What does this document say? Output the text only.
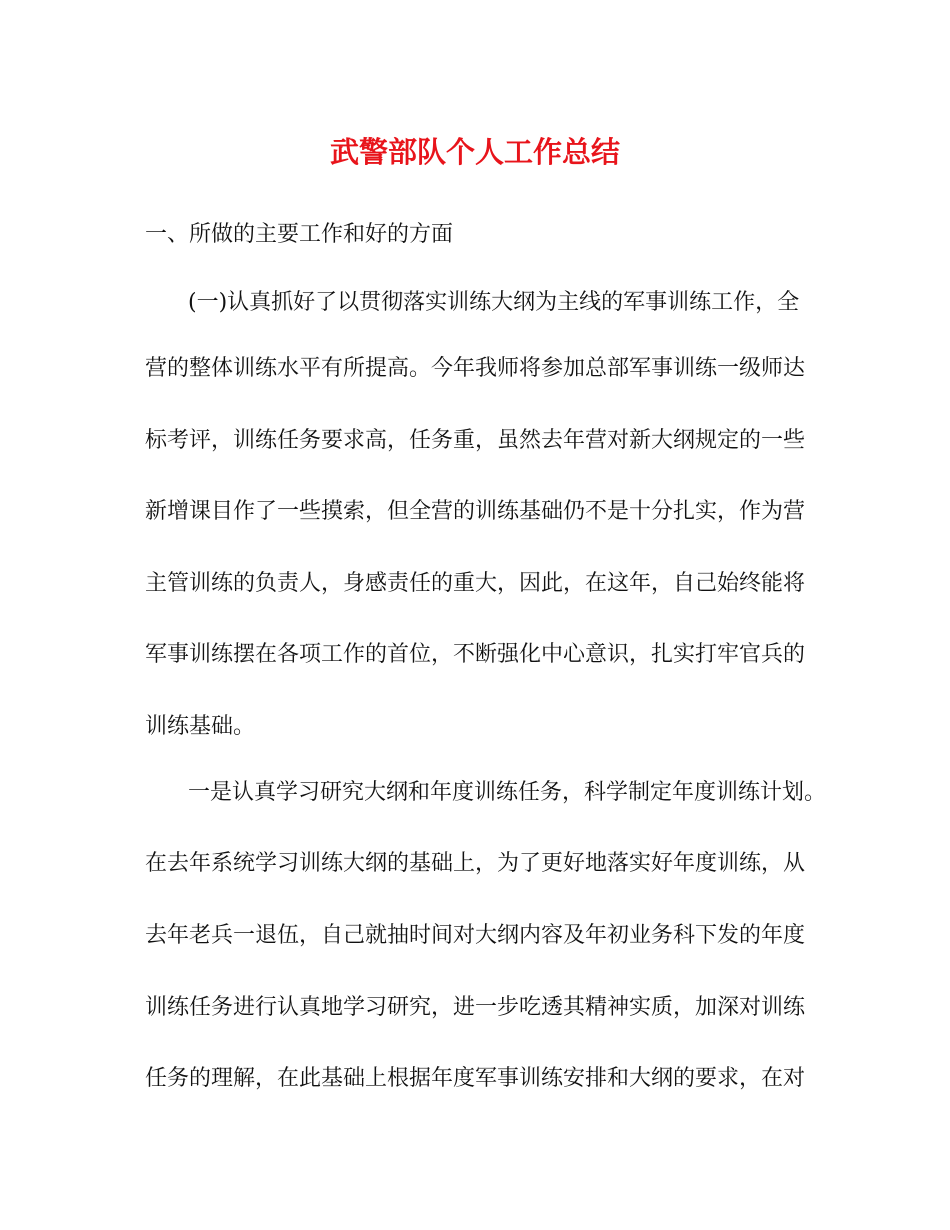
武警部队个人工作总结
一、所做的主要工作和好的方面
(一)认真抓好了以贯彻落实训练大纲为主线的军事训练工作，全
营的整体训练水平有所提高。今年我师将参加总部军事训练一级师达
标考评，训练任务要求高，任务重，虽然去年营对新大纲规定的一些
新增课目作了一些摸索，但全营的训练基础仍不是十分扎实，作为营
主管训练的负责人，身感责任的重大，因此，在这年，自己始终能将
军事训练摆在各项工作的首位，不断强化中心意识，扎实打牢官兵的
训练基础。
一是认真学习研究大纲和年度训练任务，科学制定年度训练计划。
在去年系统学习训练大纲的基础上，为了更好地落实好年度训练，从
去年老兵一退伍，自己就抽时间对大纲内容及年初业务科下发的年度
训练任务进行认真地学习研究，进一步吃透其精神实质，加深对训练
任务的理解，在此基础上根据年度军事训练安排和大纲的要求，在对
